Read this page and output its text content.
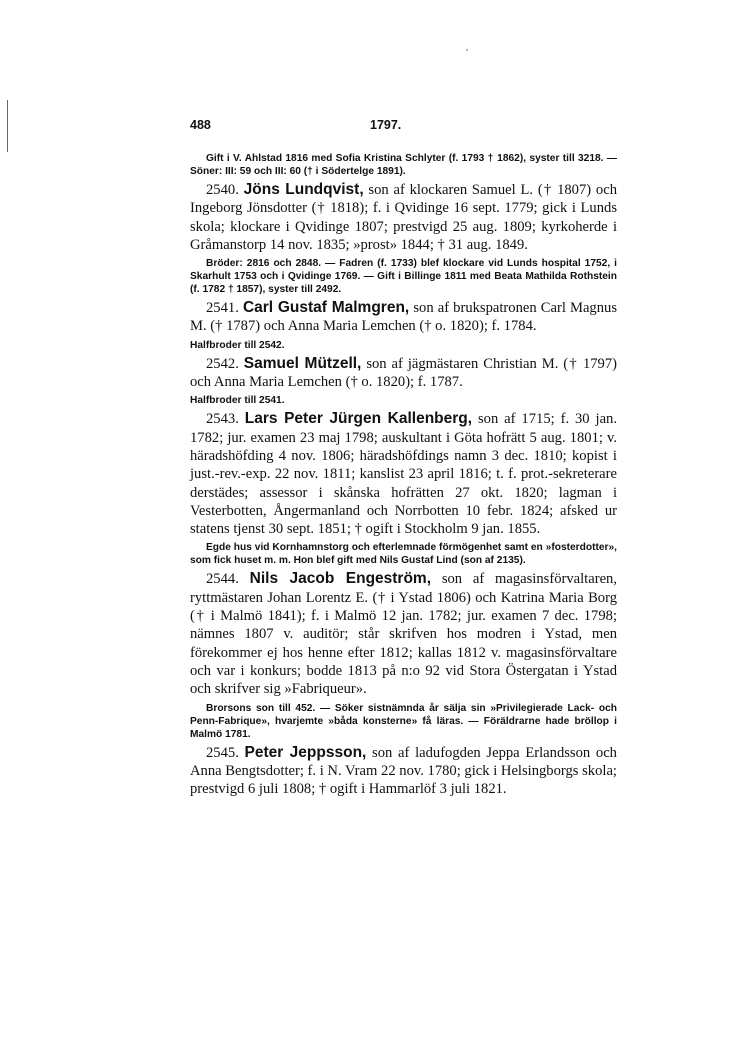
488	1797.

Gift i V. Ahlstad 1816 med Sofia Kristina Schlyter (f. 1793 † 1862), syster till 3218. — Söner: III: 59 och III: 60 († i Södertelge 1891).

2540. Jöns Lundqvist, son af klockaren Samuel L. († 1807) och Ingeborg Jönsdotter († 1818); f. i Qvidinge 16 sept. 1779; gick i Lunds skola; klockare i Qvidinge 1807; prestvigd 25 aug. 1809; kyrkoherde i Gråmanstorp 14 nov. 1835; »prost» 1844; † 31 aug. 1849.

Bröder: 2816 och 2848. — Fadren (f. 1733) blef klockare vid Lunds hospital 1752, i Skarhult 1753 och i Qvidinge 1769. — Gift i Billinge 1811 med Beata Mathilda Rothstein (f. 1782 † 1857), syster till 2492.

2541. Carl Gustaf Malmgren, son af brukspatronen Carl Magnus M. († 1787) och Anna Maria Lemchen († o. 1820); f. 1784.

Halfbroder till 2542.

2542. Samuel Mützell, son af jägmästaren Christian M. († 1797) och Anna Maria Lemchen († o. 1820); f. 1787.

Halfbroder till 2541.

2543. Lars Peter Jürgen Kallenberg, son af 1715; f. 30 jan. 1782; jur. examen 23 maj 1798; auskultant i Göta hofrätt 5 aug. 1801; v. häradshöfding 4 nov. 1806; häradshöfdings namn 3 dec. 1810; kopist i just.-rev.-exp. 22 nov. 1811; kanslist 23 april 1816; t. f. prot.-sekreterare derstädes; assessor i skånska hofrätten 27 okt. 1820; lagman i Vesterbotten, Ångermanland och Norrbotten 10 febr. 1824; afsked ur statens tjenst 30 sept. 1851; † ogift i Stockholm 9 jan. 1855.

Egde hus vid Kornhamnstorg och efterlemnade förmögenhet samt en »fosterdotter», som fick huset m. m. Hon blef gift med Nils Gustaf Lind (son af 2135).

2544. Nils Jacob Engeström, son af magasinsförvaltaren, ryttmästaren Johan Lorentz E. († i Ystad 1806) och Katrina Maria Borg († i Malmö 1841); f. i Malmö 12 jan. 1782; jur. examen 7 dec. 1798; nämnes 1807 v. auditör; står skrifven hos modren i Ystad, men förekommer ej hos henne efter 1812; kallas 1812 v. magasinsförvaltare och var i konkurs; bodde 1813 på n:o 92 vid Stora Östergatan i Ystad och skrifver sig »Fabriqueur».

Brorsons son till 452. — Söker sistnämnda år sälja sin »Privilegierade Lack- och Penn-Fabrique», hvarjemte »båda konsterne» få läras. — Föräldrarne hade bröllop i Malmö 1781.

2545. Peter Jeppsson, son af ladufogden Jeppa Erlandsson och Anna Bengtsdotter; f. i N. Vram 22 nov. 1780; gick i Helsingborgs skola; prestvigd 6 juli 1808; † ogift i Hammarlöf 3 juli 1821.
